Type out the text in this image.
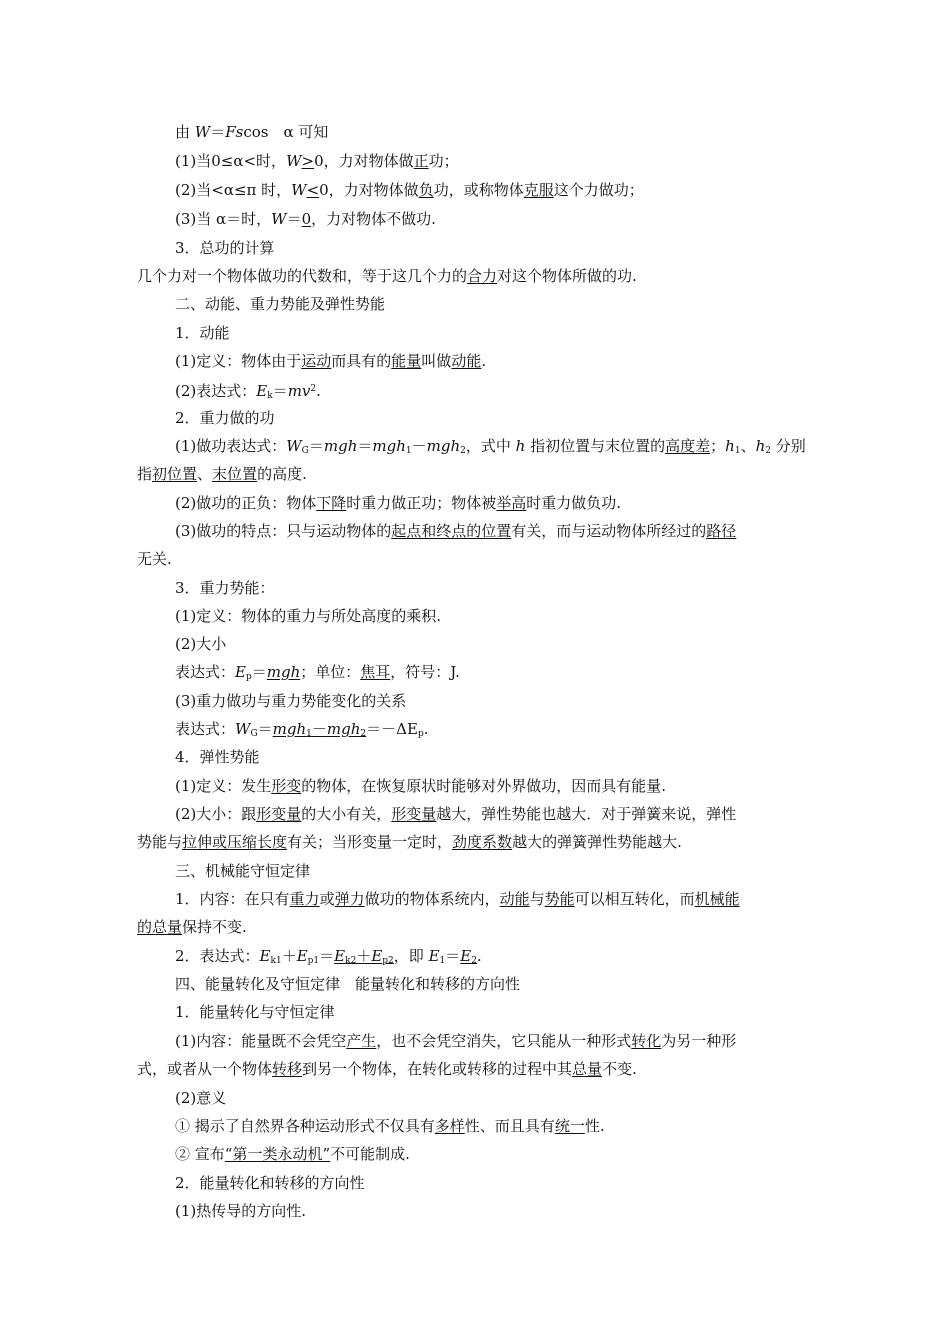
由 W＝Fscos　α 可知
(1)当0≤α<时，W>0，力对物体做正功；
(2)当<α≤π 时，W<0，力对物体做负功，或称物体克服这个力做功；
(3)当 α＝时，W＝0，力对物体不做功.
3．总功的计算
几个力对一个物体做功的代数和，等于这几个力的合力对这个物体所做的功.
二、动能、重力势能及弹性势能
1．动能
(1)定义：物体由于运动而具有的能量叫做动能.
(2)表达式：$E_k=mv^2$.
2．重力做的功
(1)做功表达式：$W_G=mgh=mgh_1-mgh_2$，式中 h 指初位置与末位置的高度差；$h_1$、$h_2$ 分别
指初位置、末位置的高度.
(2)做功的正负：物体下降时重力做正功；物体被举高时重力做负功.
(3)做功的特点：只与运动物体的起点和终点的位置有关，而与运动物体所经过的路径
无关.
3．重力势能：
(1)定义：物体的重力与所处高度的乘积.
(2)大小
表达式：$E_p=mgh$；单位：焦耳，符号：J.
(3)重力做功与重力势能变化的关系
表达式：$W_G=mgh_1-mgh_2=-\Delta E_p$.
4．弹性势能
(1)定义：发生形变的物体，在恢复原状时能够对外界做功，因而具有能量.
(2)大小：跟形变量的大小有关，形变量越大，弹性势能也越大．对于弹簧来说，弹性
势能与拉伸或压缩长度有关；当形变量一定时，劲度系数越大的弹簧弹性势能越大.
三、机械能守恒定律
1．内容：在只有重力或弹力做功的物体系统内，动能与势能可以相互转化，而机械能
的总量保持不变.
2．表达式：$E_{k1}+E_{p1}=E_{k2}+E_{p2}$，即 $E_1=E_2$.
四、能量转化及守恒定律　能量转化和转移的方向性
1．能量转化与守恒定律
(1)内容：能量既不会凭空产生，也不会凭空消失，它只能从一种形式转化为另一种形
式，或者从一个物体转移到另一个物体，在转化或转移的过程中其总量不变.
(2)意义
① 揭示了自然界各种运动形式不仅具有多样性、而且具有统一性.
② 宣布“第一类永动机”不可能制成.
2．能量转化和转移的方向性
(1)热传导的方向性.
